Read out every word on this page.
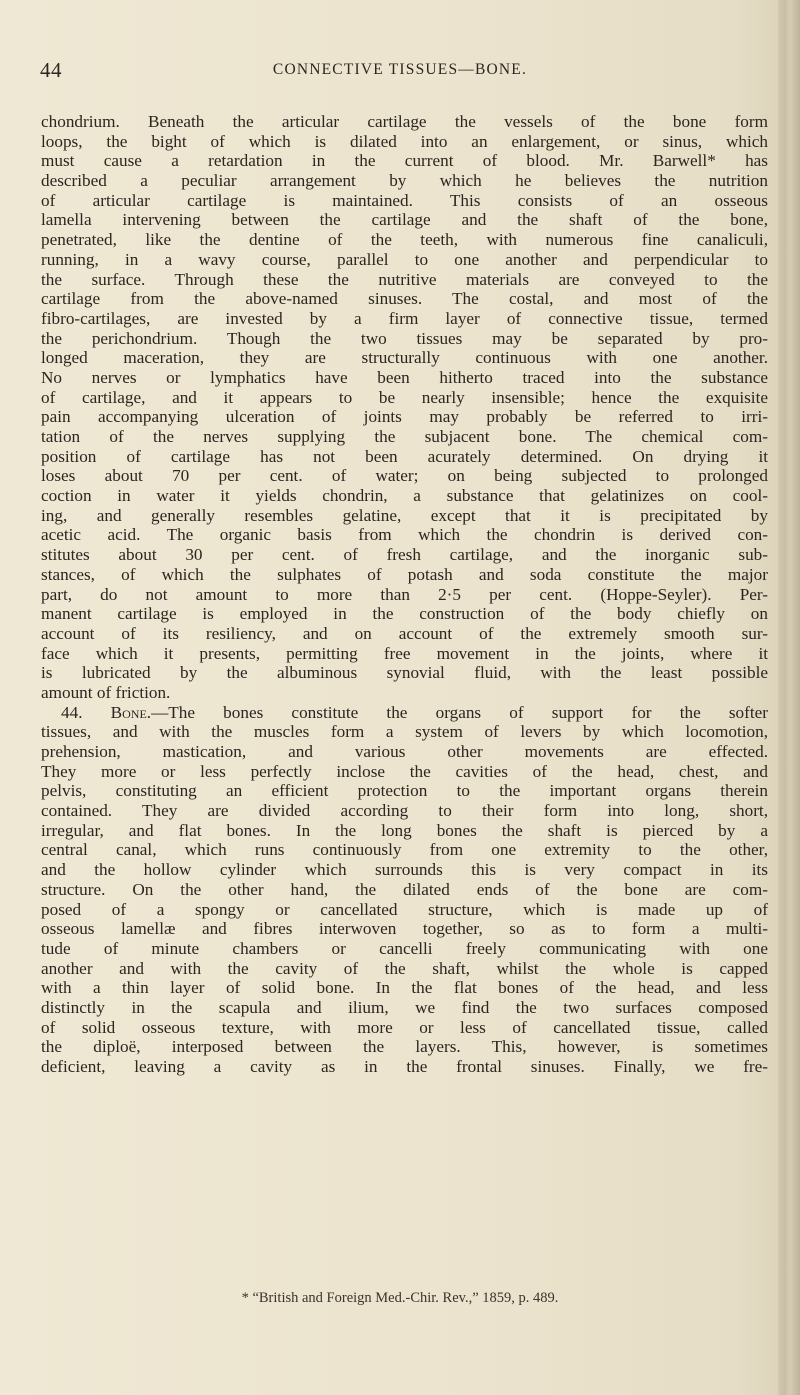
44	CONNECTIVE TISSUES—BONE.
chondrium. Beneath the articular cartilage the vessels of the bone form
loops, the bight of which is dilated into an enlargement, or sinus, which
must cause a retardation in the current of blood. Mr. Barwell* has
described a peculiar arrangement by which he believes the nutrition
of articular cartilage is maintained. This consists of an osseous
lamella intervening between the cartilage and the shaft of the bone,
penetrated, like the dentine of the teeth, with numerous fine canaliculi,
running, in a wavy course, parallel to one another and perpendicular to
the surface. Through these the nutritive materials are conveyed to the
cartilage from the above-named sinuses. The costal, and most of the
fibro-cartilages, are invested by a firm layer of connective tissue, termed
the perichondrium. Though the two tissues may be separated by pro-
longed maceration, they are structurally continuous with one another.
No nerves or lymphatics have been hitherto traced into the substance
of cartilage, and it appears to be nearly insensible; hence the exquisite
pain accompanying ulceration of joints may probably be referred to irri-
tation of the nerves supplying the subjacent bone. The chemical com-
position of cartilage has not been acurately determined. On drying it
loses about 70 per cent. of water; on being subjected to prolonged
coction in water it yields chondrin, a substance that gelatinizes on cool-
ing, and generally resembles gelatine, except that it is precipitated by
acetic acid. The organic basis from which the chondrin is derived con-
stitutes about 30 per cent. of fresh cartilage, and the inorganic sub-
stances, of which the sulphates of potash and soda constitute the major
part, do not amount to more than 2·5 per cent. (Hoppe-Seyler). Per-
manent cartilage is employed in the construction of the body chiefly on
account of its resiliency, and on account of the extremely smooth sur-
face which it presents, permitting free movement in the joints, where it
is lubricated by the albuminous synovial fluid, with the least possible
amount of friction.
44. Bone.—The bones constitute the organs of support for the softer
tissues, and with the muscles form a system of levers by which locomotion,
prehension, mastication, and various other movements are effected.
They more or less perfectly inclose the cavities of the head, chest, and
pelvis, constituting an efficient protection to the important organs therein
contained. They are divided according to their form into long, short,
irregular, and flat bones. In the long bones the shaft is pierced by a
central canal, which runs continuously from one extremity to the other,
and the hollow cylinder which surrounds this is very compact in its
structure. On the other hand, the dilated ends of the bone are com-
posed of a spongy or cancellated structure, which is made up of
osseous lamellæ and fibres interwoven together, so as to form a multi-
tude of minute chambers or cancelli freely communicating with one
another and with the cavity of the shaft, whilst the whole is capped
with a thin layer of solid bone. In the flat bones of the head, and less
distinctly in the scapula and ilium, we find the two surfaces composed
of solid osseous texture, with more or less of cancellated tissue, called
the diploë, interposed between the layers. This, however, is sometimes
deficient, leaving a cavity as in the frontal sinuses. Finally, we fre-
* “British and Foreign Med.-Chir. Rev.,” 1859, p. 489.
